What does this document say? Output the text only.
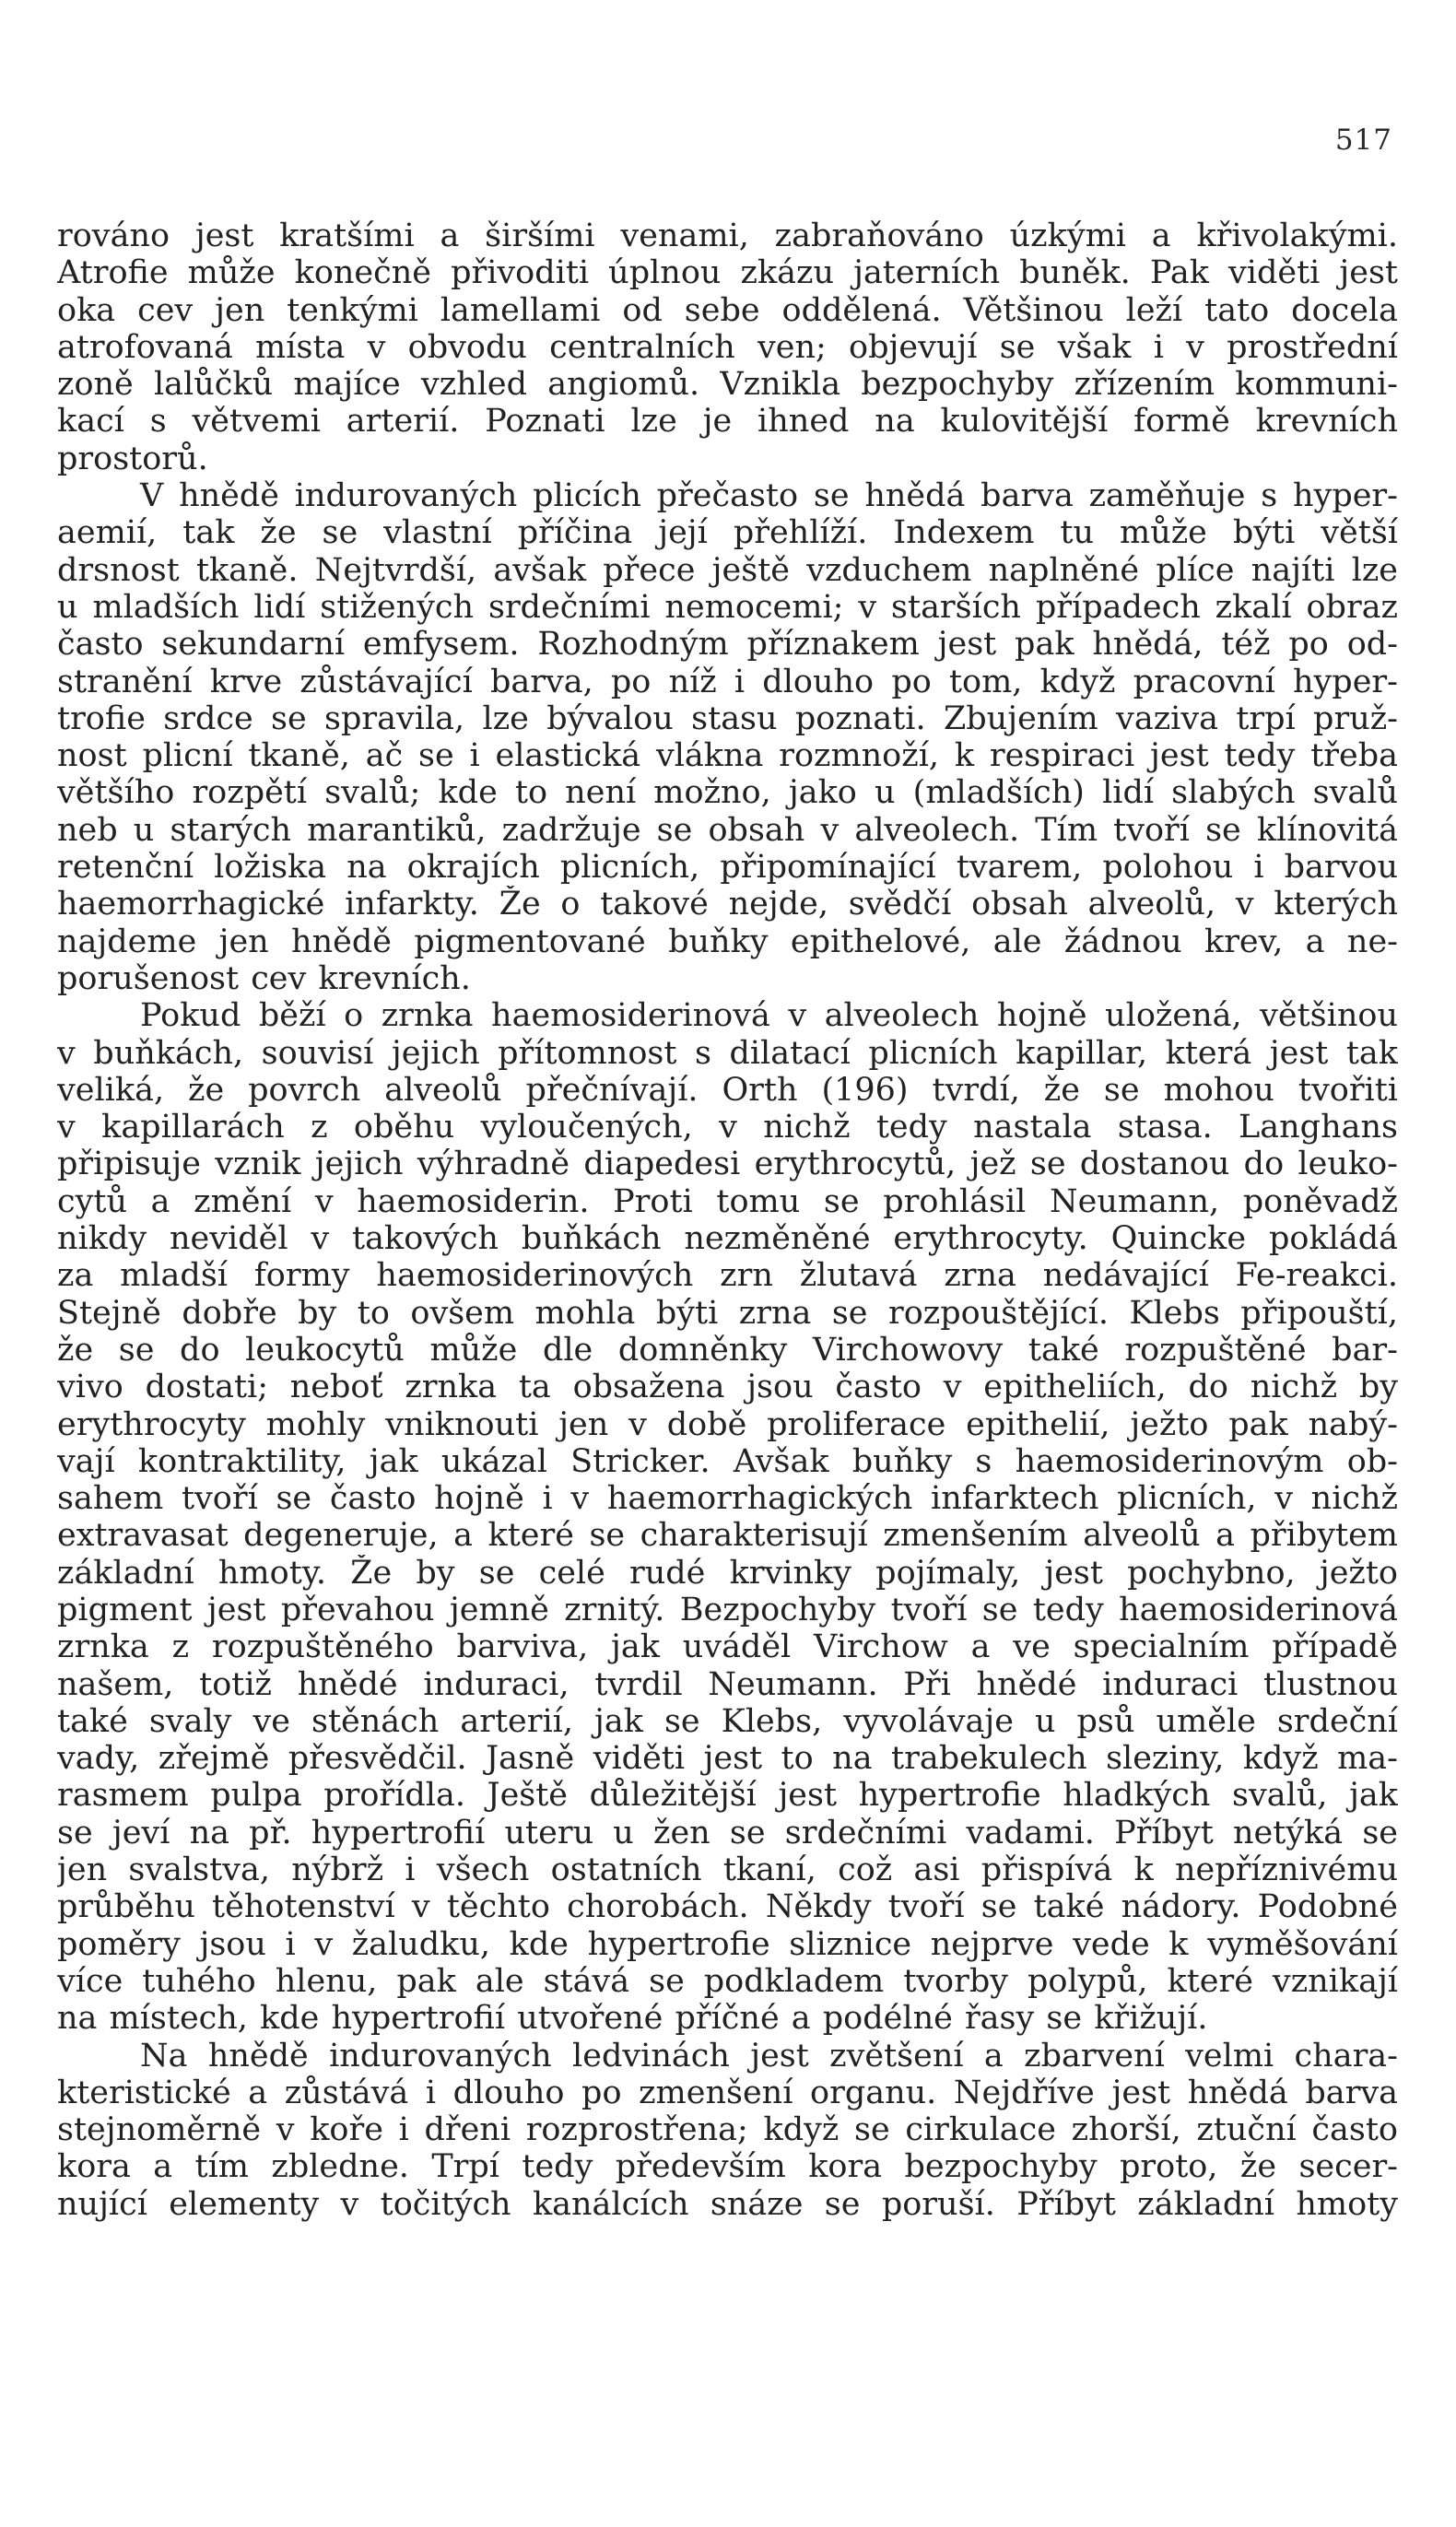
517

rováno jest kratšími a širšími venami, zabraňováno úzkými a křivolakými.
Atrofie může konečně přivoditi úplnou zkázu jaterních buněk. Pak viděti jest
oka cev jen tenkými lamellami od sebe oddělená. Většinou leží tato docela
atrofovaná místa v obvodu centralních ven; objevují se však i v prostřední
zoně lalůčků majíce vzhled angiomů. Vznikla bezpochyby zřízením kommuni-
kací s větvemi arterií. Poznati lze je ihned na kulovitější formě krevních
prostorů.

V hnědě indurovaných plicích přečasto se hnědá barva zaměňuje s hyper-
aemií, tak že se vlastní příčina její přehlíží. Indexem tu může býti větší
drsnost tkaně. Nejtvrdší, avšak přece ještě vzduchem naplněné plíce najíti lze
u mladších lidí stižených srdečními nemocemi; v starších případech zkalí obraz
často sekundarní emfysem. Rozhodným příznakem jest pak hnědá, též po od-
stranění krve zůstávající barva, po níž i dlouho po tom, když pracovní hyper-
trofie srdce se spravila, lze bývalou stasu poznati. Zbujením vaziva trpí pruž-
nost plicní tkaně, ač se i elastická vlákna rozmnoží, k respiraci jest tedy třeba
většího rozpětí svalů; kde to není možno, jako u (mladších) lidí slabých svalů
neb u starých marantiků, zadržuje se obsah v alveolech. Tím tvoří se klínovitá
retenční ložiska na okrajích plicních, připomínající tvarem, polohou i barvou
haemorrhagické infarkty. Že o takové nejde, svědčí obsah alveolů, v kterých
najdeme jen hnědě pigmentované buňky epithelové, ale žádnou krev, a ne-
porušenost cev krevních.

Pokud běží o zrnka haemosiderinová v alveolech hojně uložená, většinou
v buňkách, souvisí jejich přítomnost s dilatací plicních kapillar, která jest tak
veliká, že povrch alveolů přečnívají. Orth (196) tvrdí, že se mohou tvořiti
v kapillarách z oběhu vyloučených, v nichž tedy nastala stasa. Langhans
připisuje vznik jejich výhradně diapedesi erythrocytů, jež se dostanou do leuko-
cytů a změní v haemosiderin. Proti tomu se prohlásil Neumann, poněvadž
nikdy neviděl v takových buňkách nezměněné erythrocyty. Quincke pokládá
za mladší formy haemosiderinových zrn žlutavá zrna nedávající Fe-reakci.
Stejně dobře by to ovšem mohla býti zrna se rozpouštějící. Klebs připouští,
že se do leukocytů může dle domněnky Virchowovy také rozpuštěné bar-
vivo dostati; neboť zrnka ta obsažena jsou často v epitheliích, do nichž by
erythrocyty mohly vniknouti jen v době proliferace epithelií, ježto pak nabý-
vají kontraktility, jak ukázal Stricker. Avšak buňky s haemosiderinovým ob-
sahem tvoří se často hojně i v haemorrhagických infarktech plicních, v nichž
extravasat degeneruje, a které se charakterisují zmenšením alveolů a přibytem
základní hmoty. Že by se celé rudé krvinky pojímaly, jest pochybno, ježto
pigment jest převahou jemně zrnitý. Bezpochyby tvoří se tedy haemosiderinová
zrnka z rozpuštěného barviva, jak uváděl Virchow a ve specialním případě
našem, totiž hnědé induraci, tvrdil Neumann. Při hnědé induraci tlustnou
také svaly ve stěnách arterií, jak se Klebs, vyvolávaje u psů uměle srdeční
vady, zřejmě přesvědčil. Jasně viděti jest to na trabekulech sleziny, když ma-
rasmem pulpa prořídla. Ještě důležitější jest hypertrofie hladkých svalů, jak
se jeví na př. hypertrofií uteru u žen se srdečními vadami. Příbyt netýká se
jen svalstva, nýbrž i všech ostatních tkaní, což asi přispívá k nepříznivému
průběhu těhotenství v těchto chorobách. Někdy tvoří se také nádory. Podobné
poměry jsou i v žaludku, kde hypertrofie sliznice nejprve vede k vyměšování
více tuhého hlenu, pak ale stává se podkladem tvorby polypů, které vznikají
na místech, kde hypertrofií utvořené příčné a podélné řasy se křižují.

Na hnědě indurovaných ledvinách jest zvětšení a zbarvení velmi chara-
kteristické a zůstává i dlouho po zmenšení organu. Nejdříve jest hnědá barva
stejnoměrně v koře i dřeni rozprostřena; když se cirkulace zhorší, ztuční často
kora a tím zbledne. Trpí tedy především kora bezpochyby proto, že secer-
nující elementy v točitých kanálcích snáze se poruší. Příbyt základní hmoty
